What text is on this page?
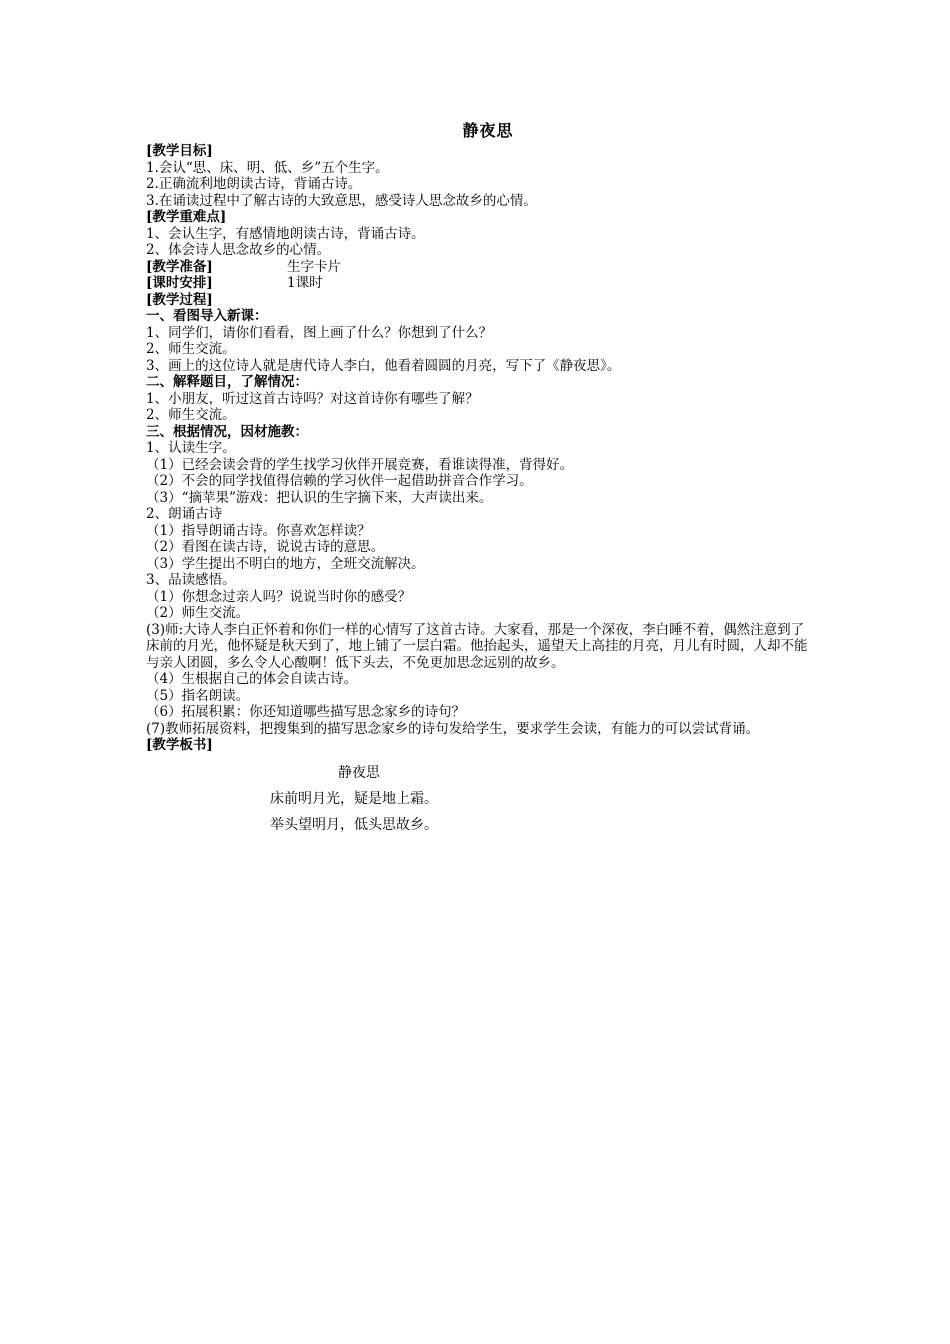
静夜思
[教学目标]
1.会认“思、床、明、低、乡”五个生字。
2.正确流利地朗读古诗，背诵古诗。
3.在诵读过程中了解古诗的大致意思，感受诗人思念故乡的心情。
[教学重难点]
1、会认生字，有感情地朗读古诗，背诵古诗。
2、体会诗人思念故乡的心情。
[教学准备]	生字卡片
[课时安排]	1课时
[教学过程]
一、看图导入新课：
1、同学们，请你们看看，图上画了什么？你想到了什么？
2、师生交流。
3、画上的这位诗人就是唐代诗人李白，他看着圆圆的月亮，写下了《静夜思》。
二、解释题目，了解情况：
1、小朋友，听过这首古诗吗？对这首诗你有哪些了解？
2、师生交流。
三、根据情况，因材施教：
1、认读生字。
（1）已经会读会背的学生找学习伙伴开展竞赛，看谁读得准，背得好。
（2）不会的同学找值得信赖的学习伙伴一起借助拼音合作学习。
（3）“摘苹果”游戏：把认识的生字摘下来，大声读出来。
2、朗诵古诗
（1）指导朗诵古诗。你喜欢怎样读？
（2）看图在读古诗，说说古诗的意思。
（3）学生提出不明白的地方，全班交流解决。
3、品读感悟。
（1）你想念过亲人吗？说说当时你的感受？
（2）师生交流。
(3)师:大诗人李白正怀着和你们一样的心情写了这首古诗。大家看，那是一个深夜，李白睡不着，偶然注意到了床前的月光，他怀疑是秋天到了，地上铺了一层白霜。他抬起头，遥望天上高挂的月亮，月儿有时圆，人却不能与亲人团圆，多么令人心酸啊！低下头去，不免更加思念远别的故乡。
（4）生根据自己的体会自读古诗。
（5）指名朗读。
（6）拓展积累：你还知道哪些描写思念家乡的诗句？
(7)教师拓展资料，把搜集到的描写思念家乡的诗句发给学生，要求学生会读，有能力的可以尝试背诵。
[教学板书]
静夜思
床前明月光，疑是地上霜。
举头望明月，低头思故乡。
